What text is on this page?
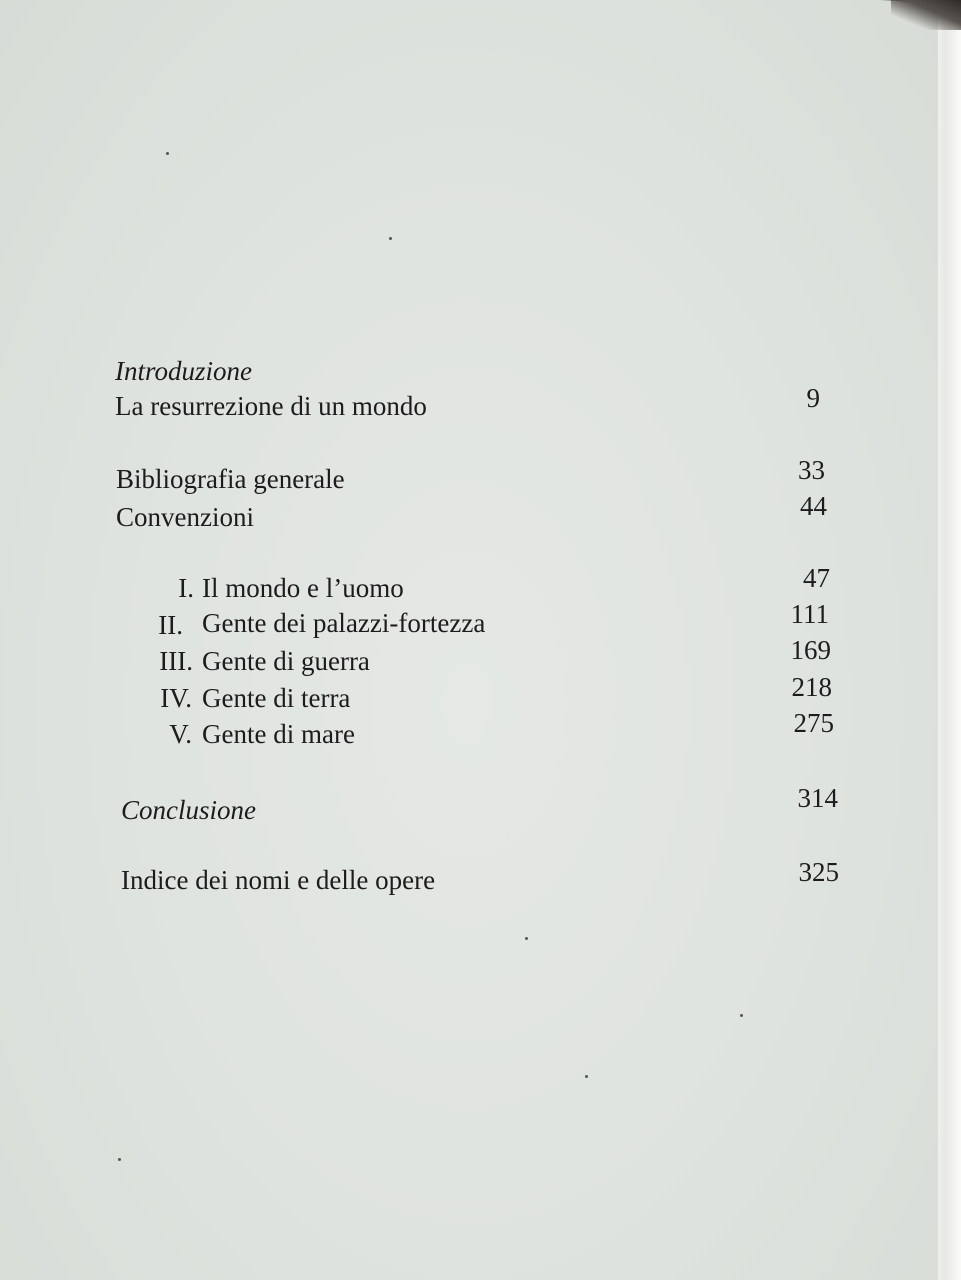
Introduzione
La resurrezione di un mondo	9
Bibliografia generale	33
Convenzioni	44
I. Il mondo e l’uomo	47
II. Gente dei palazzi-fortezza	111
III. Gente di guerra	169
IV. Gente di terra	218
V. Gente di mare	275
Conclusione	314
Indice dei nomi e delle opere	325
